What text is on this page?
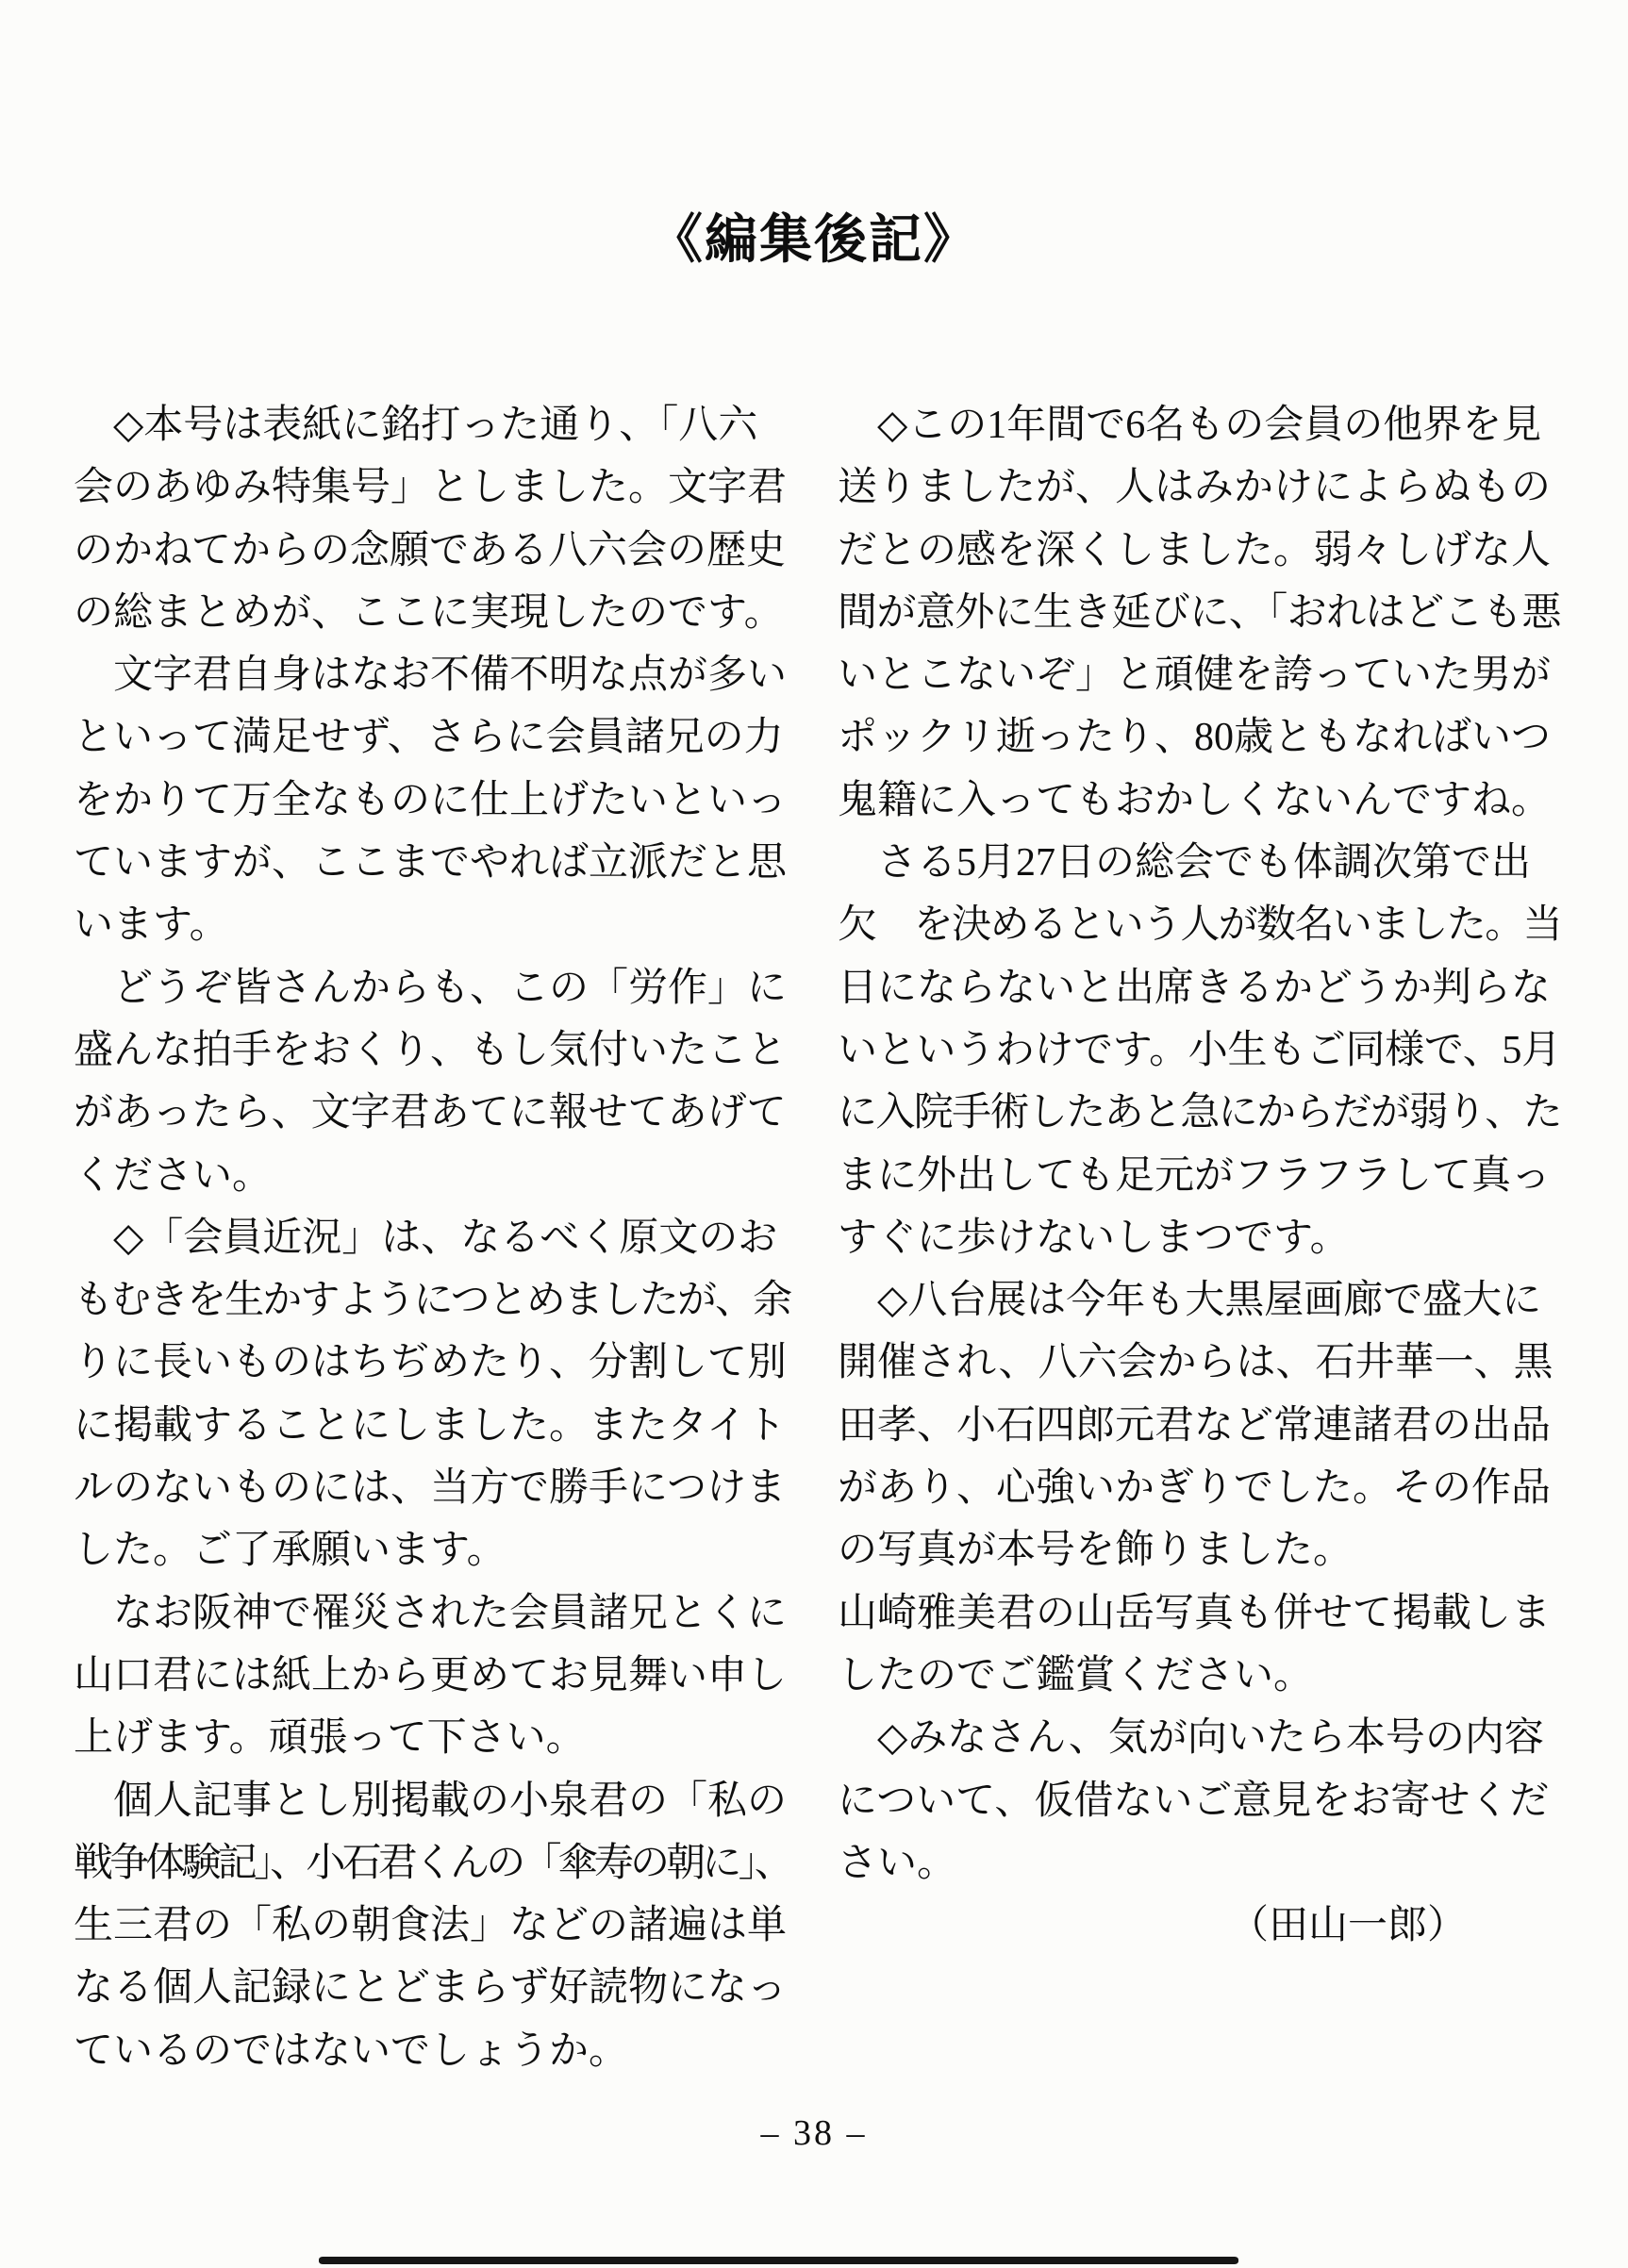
《編集後記》
　◇本号は表紙に銘打った通り、「八六
会のあゆみ特集号」としました。文字君
のかねてからの念願である八六会の歴史
の総まとめが、ここに実現したのです。
　文字君自身はなお不備不明な点が多い
といって満足せず、さらに会員諸兄の力
をかりて万全なものに仕上げたいといっ
ていますが、ここまでやれば立派だと思
います。
　どうぞ皆さんからも、この「労作」に
盛んな拍手をおくり、もし気付いたこと
があったら、文字君あてに報せてあげて
ください。
　◇「会員近況」は、なるべく原文のお
もむきを生かすようにつとめましたが、余
りに長いものはちぢめたり、分割して別
に掲載することにしました。またタイト
ルのないものには、当方で勝手につけま
した。ご了承願います。
　なお阪神で罹災された会員諸兄とくに
山口君には紙上から更めてお見舞い申し
上げます。頑張って下さい。
　個人記事とし別掲載の小泉君の「私の
戦争体験記」、小石君くんの「傘寿の朝に」、
生三君の「私の朝食法」などの諸遍は単
なる個人記録にとどまらず好読物になっ
ているのではないでしょうか。
　◇この1年間で6名もの会員の他界を見
送りましたが、人はみかけによらぬもの
だとの感を深くしました。弱々しげな人
間が意外に生き延びに、「おれはどこも悪
いとこないぞ」と頑健を誇っていた男が
ポックリ逝ったり、80歳ともなればいつ
鬼籍に入ってもおかしくないんですね。
　さる5月27日の総会でも体調次第で出
欠　を決めるという人が数名いました。当
日にならないと出席きるかどうか判らな
いというわけです。小生もご同様で、5月
に入院手術したあと急にからだが弱り、た
まに外出しても足元がフラフラして真っ
すぐに歩けないしまつです。
　◇八台展は今年も大黒屋画廊で盛大に
開催され、八六会からは、石井華一、黒
田孝、小石四郎元君など常連諸君の出品
があり、心強いかぎりでした。その作品
の写真が本号を飾りました。
山崎雅美君の山岳写真も併せて掲載しま
したのでご鑑賞ください。
　◇みなさん、気が向いたら本号の内容
について、仮借ないご意見をお寄せくだ
さい。
（田山一郎）
– 38 –
